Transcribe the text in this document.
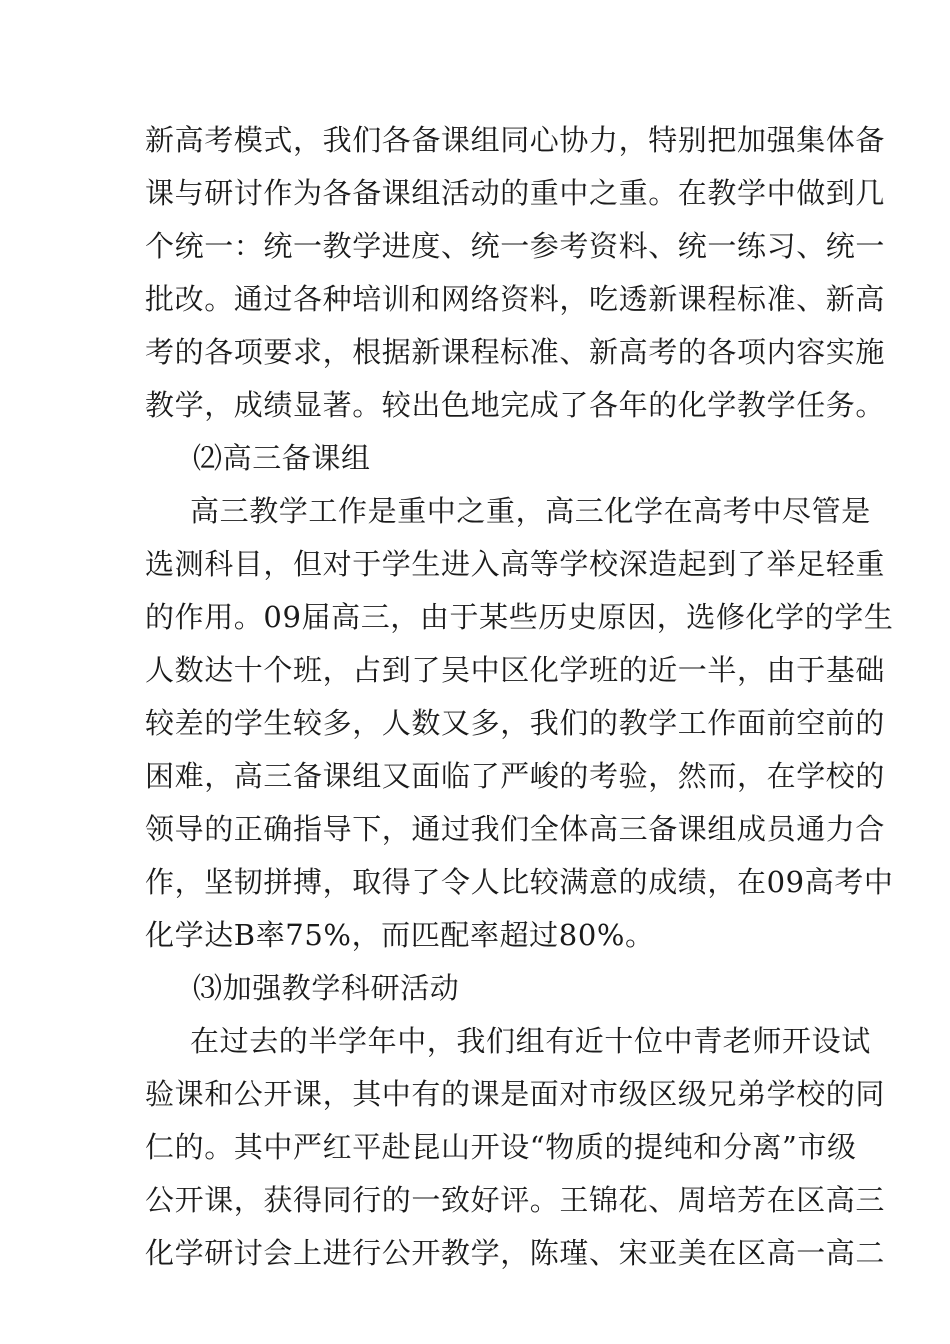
新高考模式，我们各备课组同心协力，特别把加强集体备
课与研讨作为各备课组活动的重中之重。在教学中做到几
个统一：统一教学进度、统一参考资料、统一练习、统一
批改。通过各种培训和网络资料，吃透新课程标准、新高
考的各项要求，根据新课程标准、新高考的各项内容实施
教学，成绩显著。较出色地完成了各年的化学教学任务。
⑵高三备课组
高三教学工作是重中之重，高三化学在高考中尽管是
选测科目，但对于学生进入高等学校深造起到了举足轻重
的作用。09届高三，由于某些历史原因，选修化学的学生
人数达十个班，占到了吴中区化学班的近一半，由于基础
较差的学生较多，人数又多，我们的教学工作面前空前的
困难，高三备课组又面临了严峻的考验，然而，在学校的
领导的正确指导下，通过我们全体高三备课组成员通力合
作，坚韧拼搏，取得了令人比较满意的成绩，在09高考中
化学达B率75%，而匹配率超过80%。
⑶加强教学科研活动
在过去的半学年中，我们组有近十位中青老师开设试
验课和公开课，其中有的课是面对市级区级兄弟学校的同
仁的。其中严红平赴昆山开设“物质的提纯和分离”市级
公开课，获得同行的一致好评。王锦花、周培芳在区高三
化学研讨会上进行公开教学，陈瑾、宋亚美在区高一高二
